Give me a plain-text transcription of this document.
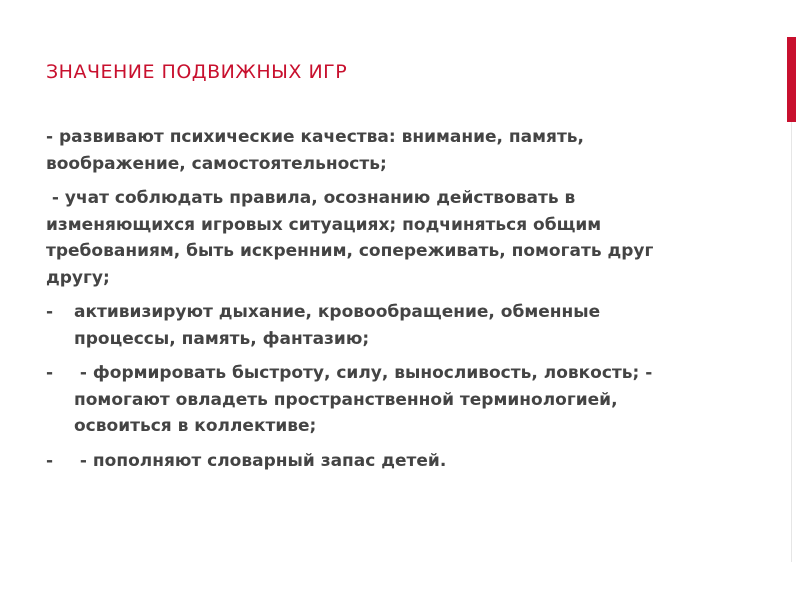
ЗНАЧЕНИЕ ПОДВИЖНЫХ ИГР

- развивают психические качества: внимание, память, воображение, самостоятельность;

- учат соблюдать правила, осознанию действовать в изменяющихся игровых ситуациях; подчиняться общим требованиям, быть искренним, сопереживать, помогать друг другу;

- активизируют дыхание, кровообращение, обменные процессы, память, фантазию;
- - формировать быстроту, силу, выносливость, ловкость; - помогают овладеть пространственной терминологией, освоиться в коллективе;
- - пополняют словарный запас детей.
